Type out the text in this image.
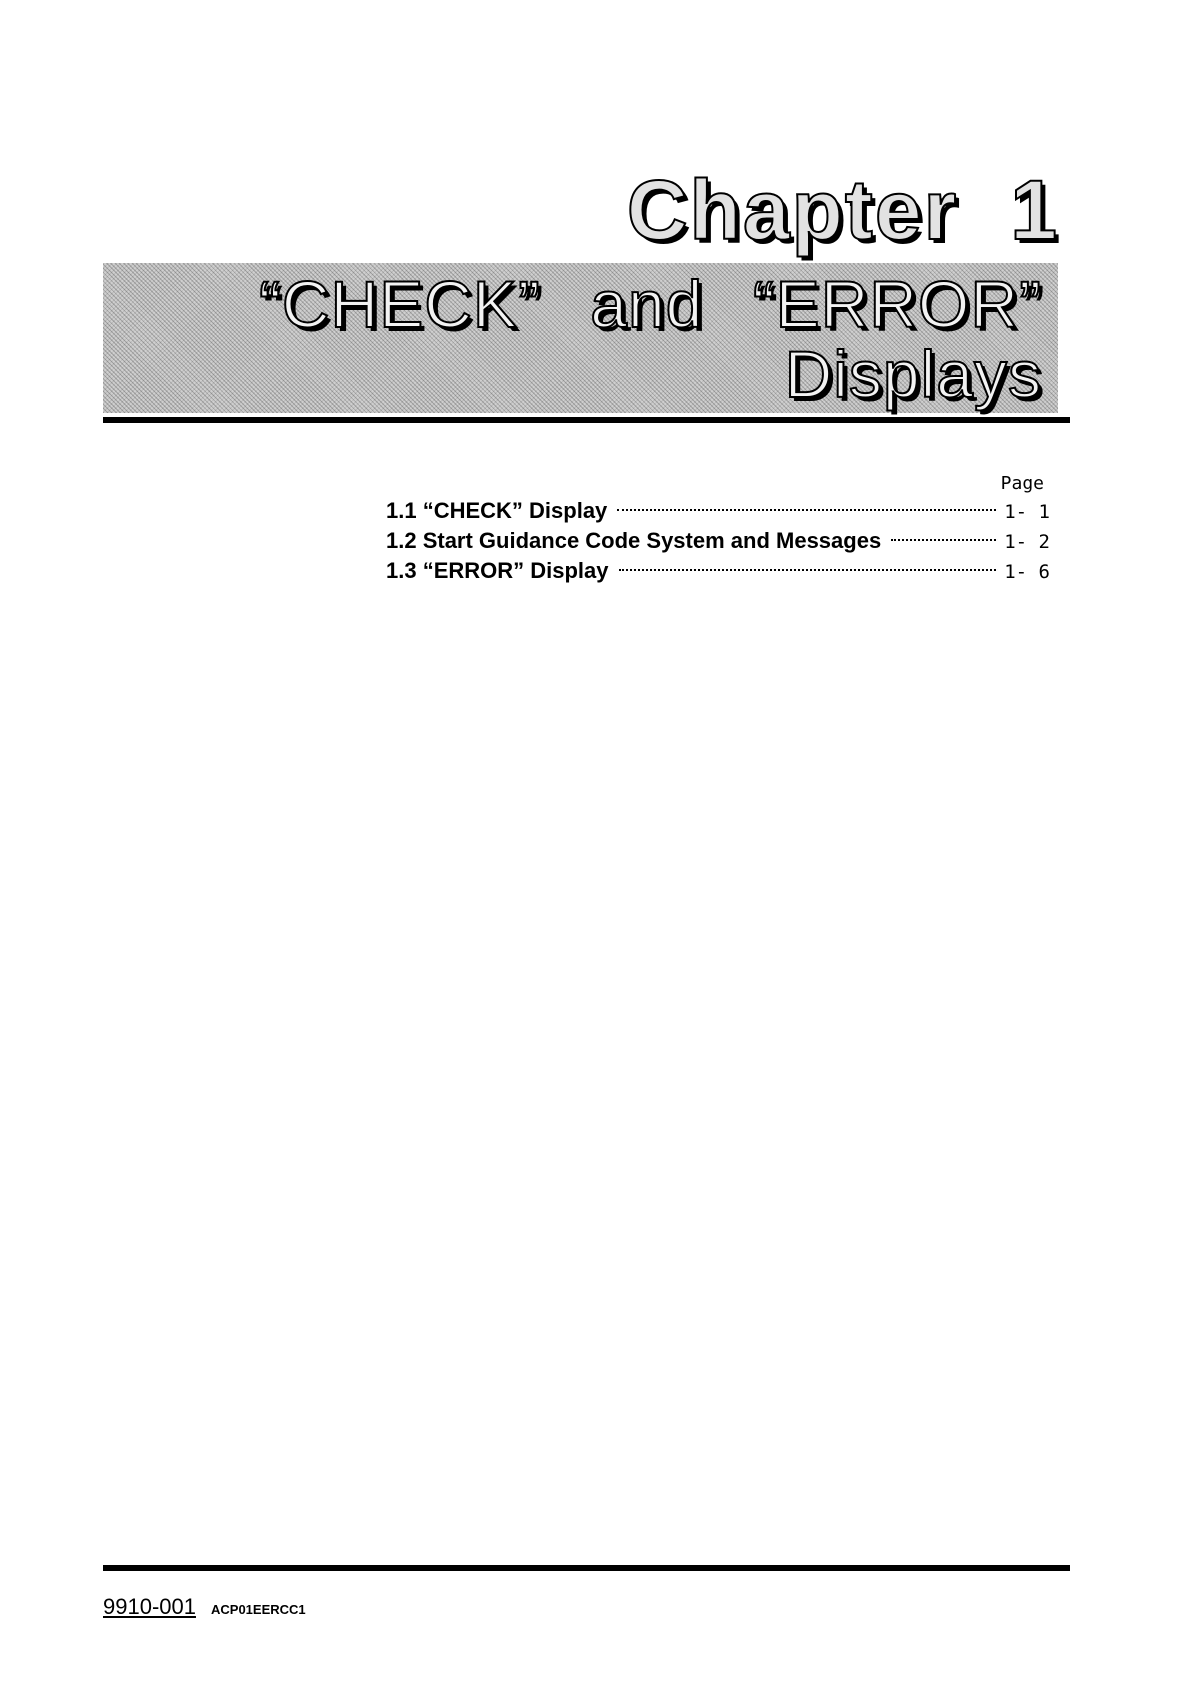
Chapter 1
“CHECK” and “ERROR”
Displays
Page
1.1 “CHECK” Display	1- 1
1.2 Start Guidance Code System and Messages	1- 2
1.3 “ERROR” Display	1- 6
9910-001 ACP01EERCC1
